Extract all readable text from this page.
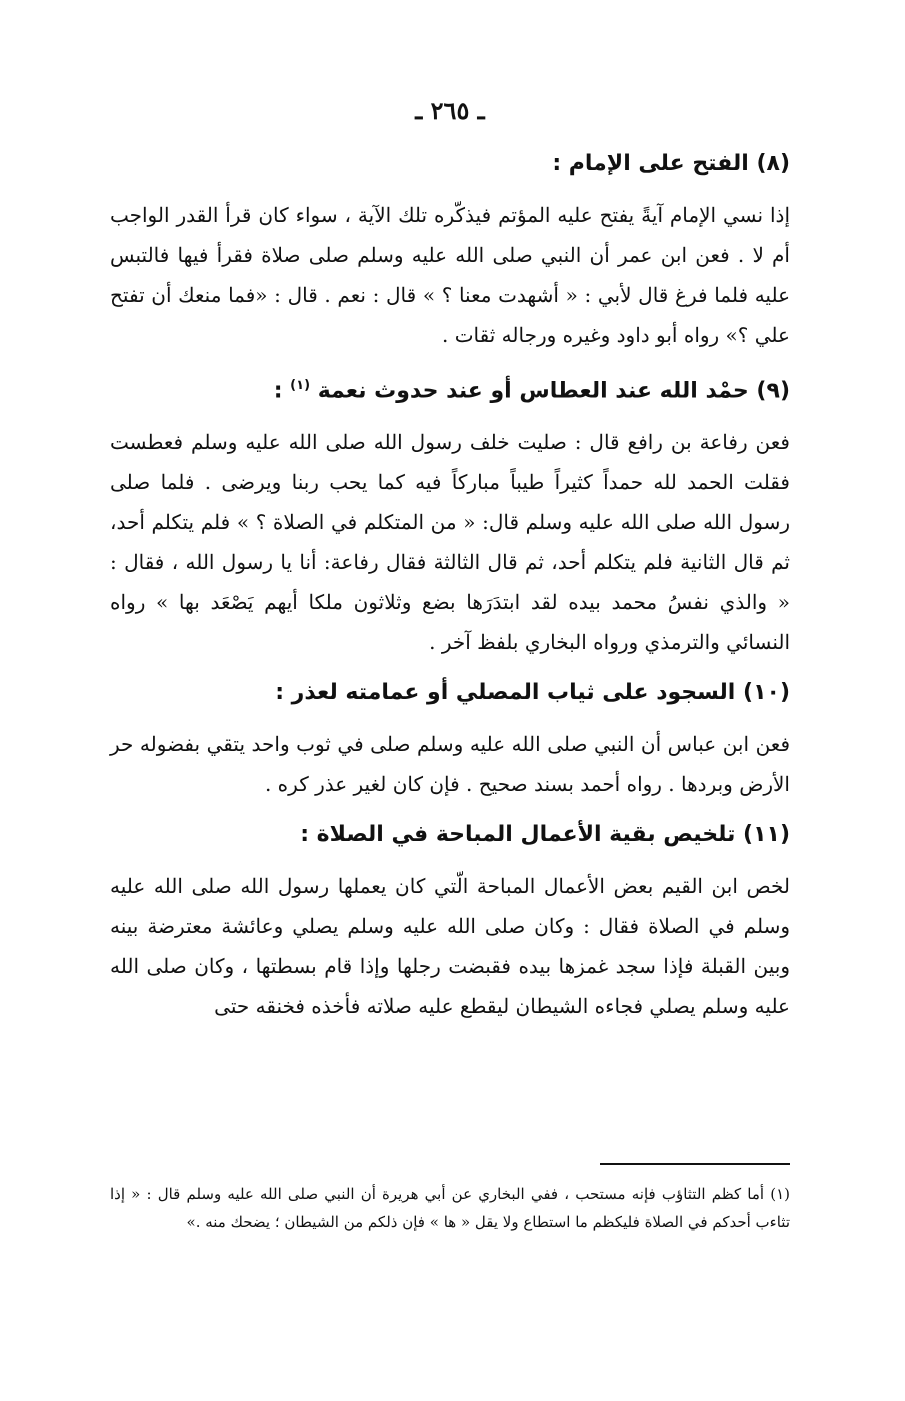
ـ ٢٦٥ ـ
(٨) الفتح على الإمام :

إذا نسي الإمام آيةً يفتح عليه المؤتم فيذكّره تلك الآية ، سواء كان قرأ القدر الواجب أم لا . فعن ابن عمر أن النبي صلى الله عليه وسلم صلى صلاة فقرأ فيها فالتبس عليه فلما فرغ قال لأبي : « أشهدت معنا ؟ » قال : نعم . قال : «فما منعك أن تفتح علي ؟» رواه أبو داود وغيره ورجاله ثقات .

(٩) حمْد الله عند العطاس أو عند حدوث نعمة $^{(١)}$ :

فعن رفاعة بن رافع قال : صليت خلف رسول الله صلى الله عليه وسلم فعطست فقلت الحمد لله حمداً كثيراً طيباً مباركاً فيه كما يحب ربنا ويرضى . فلما صلى رسول الله صلى الله عليه وسلم قال: « من المتكلم في الصلاة ؟ » فلم يتكلم أحد، ثم قال الثانية فلم يتكلم أحد، ثم قال الثالثة فقال رفاعة: أنا يا رسول الله ، فقال : « والذي نفسُ محمد بيده لقد ابتدَرَها بضع وثلاثون ملكا أيهم يَصْعَد بها » رواه النسائي والترمذي ورواه البخاري بلفظ آخر .

(١٠) السجود على ثياب المصلي أو عمامته لعذر :

فعن ابن عباس أن النبي صلى الله عليه وسلم صلى في ثوب واحد يتقي بفضوله حر الأرض وبردها . رواه أحمد بسند صحيح . فإن كان لغير عذر كره .

(١١) تلخيص بقية الأعمال المباحة في الصلاة :

لخص ابن القيم بعض الأعمال المباحة الّتي كان يعملها رسول الله صلى الله عليه وسلم في الصلاة فقال : وكان صلى الله عليه وسلم يصلي وعائشة معترضة بينه وبين القبلة فإذا سجد غمزها بيده فقبضت رجلها وإذا قام بسطتها ، وكان صلى الله عليه وسلم يصلي فجاءه الشيطان ليقطع عليه صلاته فأخذه فخنقه حتى

(١) أما كظم التثاؤب فإنه مستحب ، ففي البخاري عن أبي هريرة أن النبي صلى الله عليه وسلم قال : « إذا تثاءب أحدكم في الصلاة فليكظم ما استطاع ولا يقل « ها » فإن ذلكم من الشيطان ؛ يضحك منه .»
